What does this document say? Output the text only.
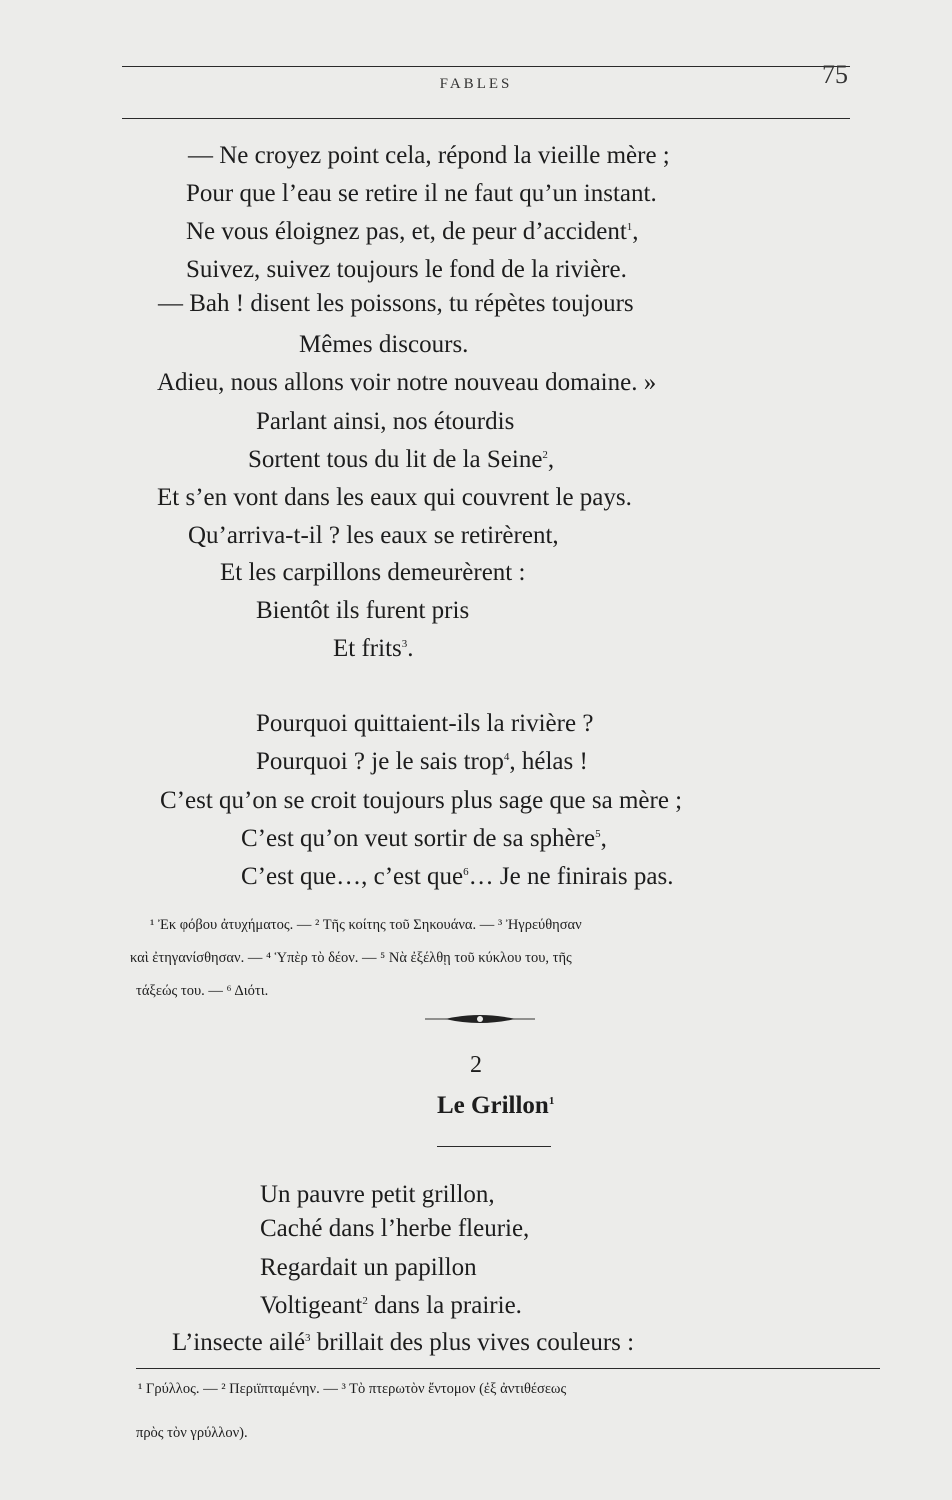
FABLES	75
— Ne croyez point cela, répond la vieille mère ;
Pour que l’eau se retire il ne faut qu’un instant.
Ne vous éloignez pas, et, de peur d’accident$^1$,
Suivez, suivez toujours le fond de la rivière.
— Bah ! disent les poissons, tu répètes toujours
Mêmes discours.
Adieu, nous allons voir notre nouveau domaine. »
Parlant ainsi, nos étourdis
Sortent tous du lit de la Seine$^2$,
Et s’en vont dans les eaux qui couvrent le pays.
Qu’arriva-t-il ? les eaux se retirèrent,
Et les carpillons demeurèrent :
Bientôt ils furent pris
Et frits$^3$.
Pourquoi quittaient-ils la rivière ?
Pourquoi ? je le sais trop$^4$, hélas !
C’est qu’on se croit toujours plus sage que sa mère ;
C’est qu’on veut sortir de sa sphère$^5$,
C’est que…, c’est que$^6$… Je ne finirais pas.
¹ Ἐκ φόβου ἀτυχήματος. — ² Τῆς κοίτης τοῦ Σηκουάνα. — ³ Ἠγρεύθησαν
καὶ ἐτηγανίσθησαν. — ⁴ Ὑπὲρ τὸ δέον. — ⁵ Νὰ ἐξέλθῃ τοῦ κύκλου του, τῆς
τάξεώς του. — ⁶ Διότι.
2
Le Grillon$^1$
Un pauvre petit grillon,
Caché dans l’herbe fleurie,
Regardait un papillon
Voltigeant$^2$ dans la prairie.
L’insecte ailé$^3$ brillait des plus vives couleurs :
¹ Γρύλλος. — ² Περιϊπταμένην. — ³ Τὸ πτερωτὸν ἔντομον (ἐξ ἀντιθέσεως
πρὸς τὸν γρύλλον).
